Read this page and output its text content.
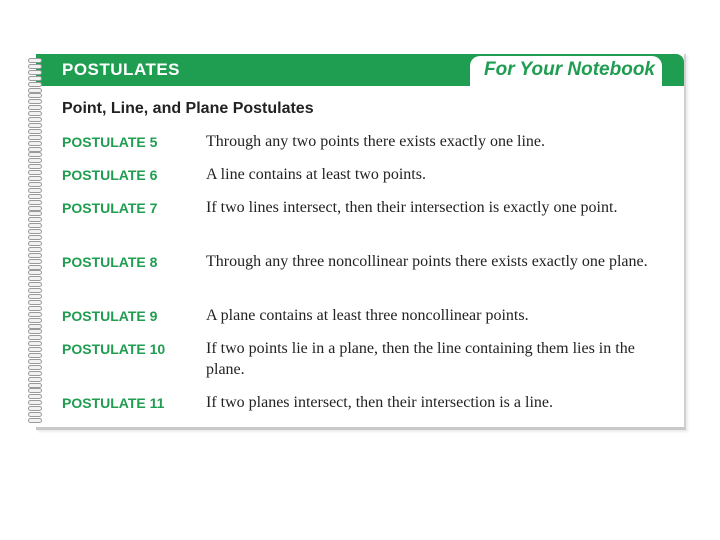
POSTULATES	For Your Notebook
Point, Line, and Plane Postulates
POSTULATE 5	Through any two points there exists exactly one line.
POSTULATE 6	A line contains at least two points.
POSTULATE 7	If two lines intersect, then their intersection is exactly one point.
POSTULATE 8	Through any three noncollinear points there exists exactly one plane.
POSTULATE 9	A plane contains at least three noncollinear points.
POSTULATE 10	If two points lie in a plane, then the line containing them lies in the plane.
POSTULATE 11	If two planes intersect, then their intersection is a line.
